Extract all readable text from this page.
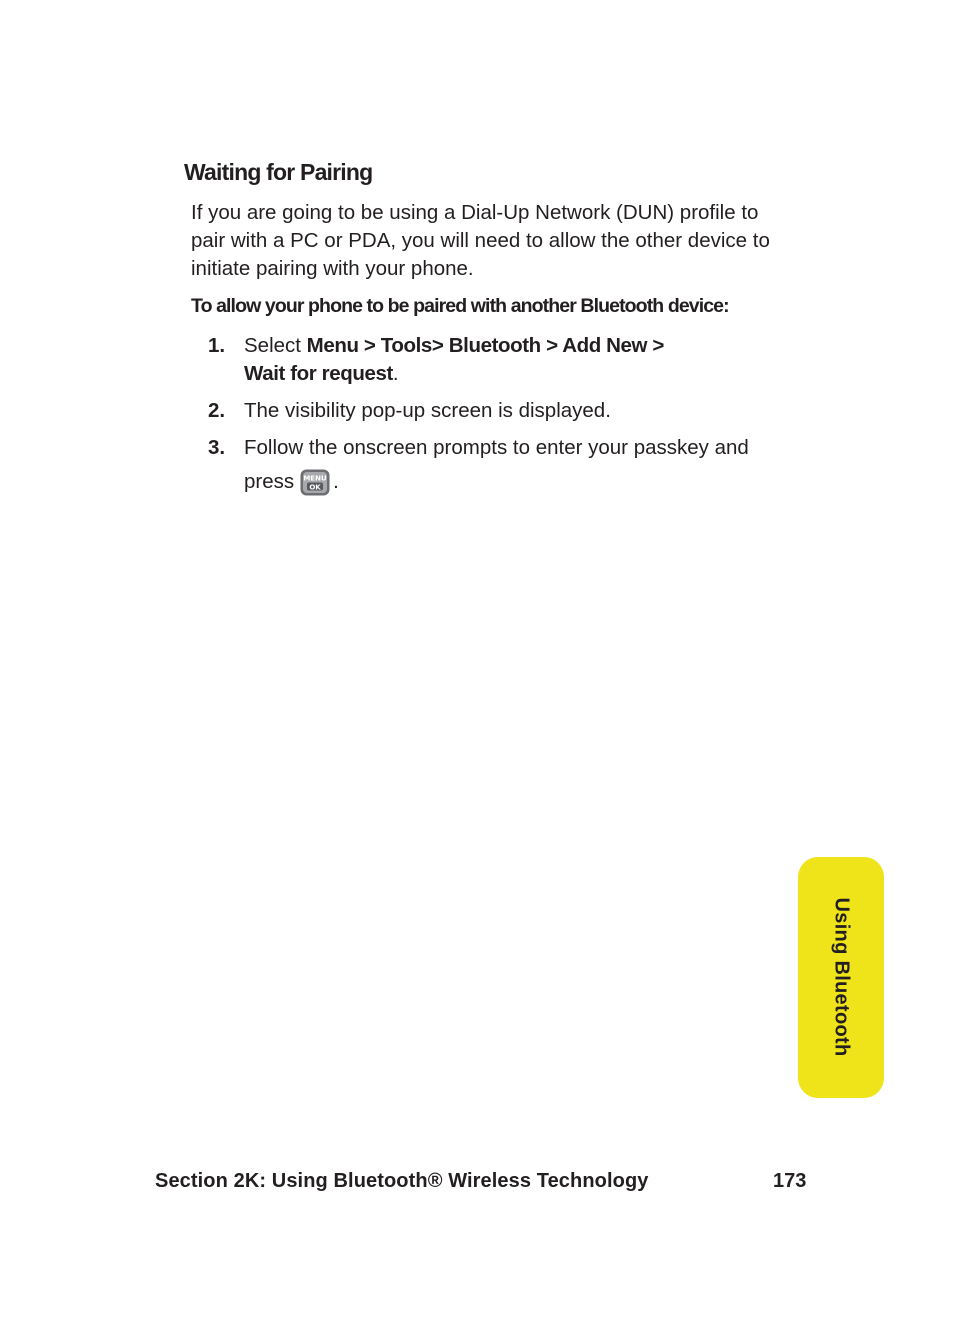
Waiting for Pairing

If you are going to be using a Dial-Up Network (DUN) profile to pair with a PC or PDA, you will need to allow the other device to initiate pairing with your phone.

To allow your phone to be paired with another Bluetooth device:

1. Select Menu > Tools> Bluetooth > Add New >
Wait for request.
2. The visibility pop-up screen is displayed.
3. Follow the onscreen prompts to enter your passkey and
press MENU
OK .
Using Bluetooth
Section 2K: Using Bluetooth® Wireless Technology	173
